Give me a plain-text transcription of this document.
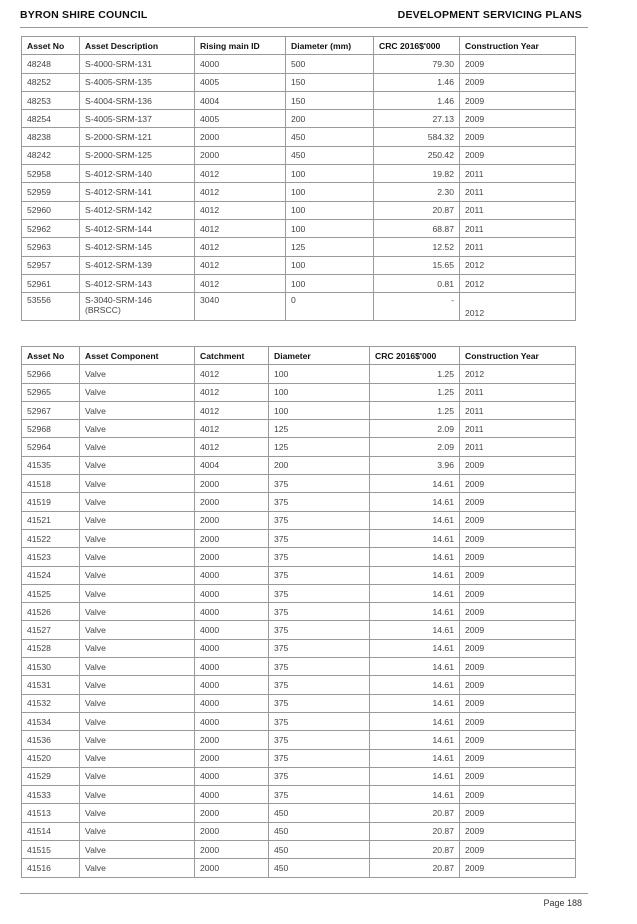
BYRON SHIRE COUNCIL	DEVELOPMENT SERVICING PLANS
Asset No	Asset Description	Rising main ID	Diameter (mm)	CRC 2016$'000	Construction Year
48248	S-4000-SRM-131	4000	500	79.30	2009
48252	S-4005-SRM-135	4005	150	1.46	2009
48253	S-4004-SRM-136	4004	150	1.46	2009
48254	S-4005-SRM-137	4005	200	27.13	2009
48238	S-2000-SRM-121	2000	450	584.32	2009
48242	S-2000-SRM-125	2000	450	250.42	2009
52958	S-4012-SRM-140	4012	100	19.82	2011
52959	S-4012-SRM-141	4012	100	2.30	2011
52960	S-4012-SRM-142	4012	100	20.87	2011
52962	S-4012-SRM-144	4012	100	68.87	2011
52963	S-4012-SRM-145	4012	125	12.52	2011
52957	S-4012-SRM-139	4012	100	15.65	2012
52961	S-4012-SRM-143	4012	100	0.81	2012
53556	S-3040-SRM-146 (BRSCC)	3040	0	-	2012
Asset No	Asset Component	Catchment	Diameter	CRC 2016$'000	Construction Year
52966	Valve	4012	100	1.25	2012
52965	Valve	4012	100	1.25	2011
52967	Valve	4012	100	1.25	2011
52968	Valve	4012	125	2.09	2011
52964	Valve	4012	125	2.09	2011
41535	Valve	4004	200	3.96	2009
41518	Valve	2000	375	14.61	2009
41519	Valve	2000	375	14.61	2009
41521	Valve	2000	375	14.61	2009
41522	Valve	2000	375	14.61	2009
41523	Valve	2000	375	14.61	2009
41524	Valve	4000	375	14.61	2009
41525	Valve	4000	375	14.61	2009
41526	Valve	4000	375	14.61	2009
41527	Valve	4000	375	14.61	2009
41528	Valve	4000	375	14.61	2009
41530	Valve	4000	375	14.61	2009
41531	Valve	4000	375	14.61	2009
41532	Valve	4000	375	14.61	2009
41534	Valve	4000	375	14.61	2009
41536	Valve	2000	375	14.61	2009
41520	Valve	2000	375	14.61	2009
41529	Valve	4000	375	14.61	2009
41533	Valve	4000	375	14.61	2009
41513	Valve	2000	450	20.87	2009
41514	Valve	2000	450	20.87	2009
41515	Valve	2000	450	20.87	2009
41516	Valve	2000	450	20.87	2009
Page 188
